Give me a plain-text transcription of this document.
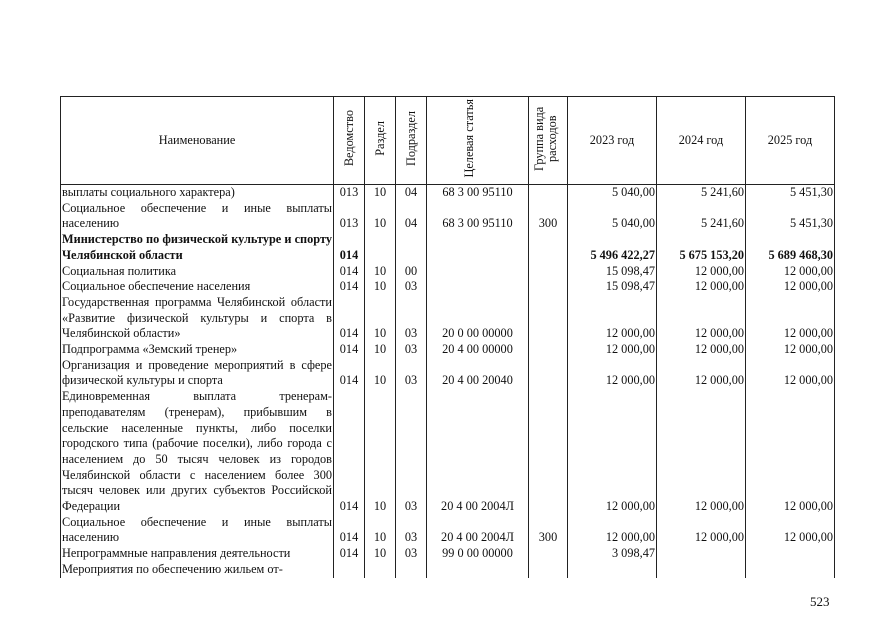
Наименование	Ведомство	Раздел	Подраздел	Целевая статья	Группа вида расходов	2023 год	2024 год	2025 год
выплаты социального характера)	013	10	04	68 3 00 95110		5 040,00	5 241,60	5 451,30
Социальное обеспечение и иные выплаты населению	013	10	04	68 3 00 95110	300	5 040,00	5 241,60	5 451,30
Министерство по физической культуре и спорту Челябинской области	014					5 496 422,27	5 675 153,20	5 689 468,30
Социальная политика	014	10	00			15 098,47	12 000,00	12 000,00
Социальное обеспечение населения	014	10	03			15 098,47	12 000,00	12 000,00
Государственная программа Челябинской области «Развитие физической культуры и спорта в Челябинской области»	014	10	03	20 0 00 00000		12 000,00	12 000,00	12 000,00
Подпрограмма «Земский тренер»	014	10	03	20 4 00 00000		12 000,00	12 000,00	12 000,00
Организация и проведение мероприятий в сфере физической культуры и спорта	014	10	03	20 4 00 20040		12 000,00	12 000,00	12 000,00
Единовременная выплата тренерам-преподавателям (тренерам), прибывшим в сельские населенные пункты, либо поселки городского типа (рабочие поселки), либо города с населением до 50 тысяч человек из городов Челябинской области с населением более 300 тысяч человек или других субъектов Российской Федерации	014	10	03	20 4 00 2004Л		12 000,00	12 000,00	12 000,00
Социальное обеспечение и иные выплаты населению	014	10	03	20 4 00 2004Л	300	12 000,00	12 000,00	12 000,00
Непрограммные направления деятельности	014	10	03	99 0 00 00000		3 098,47		
Мероприятия по обеспечению жильем от-								
523
